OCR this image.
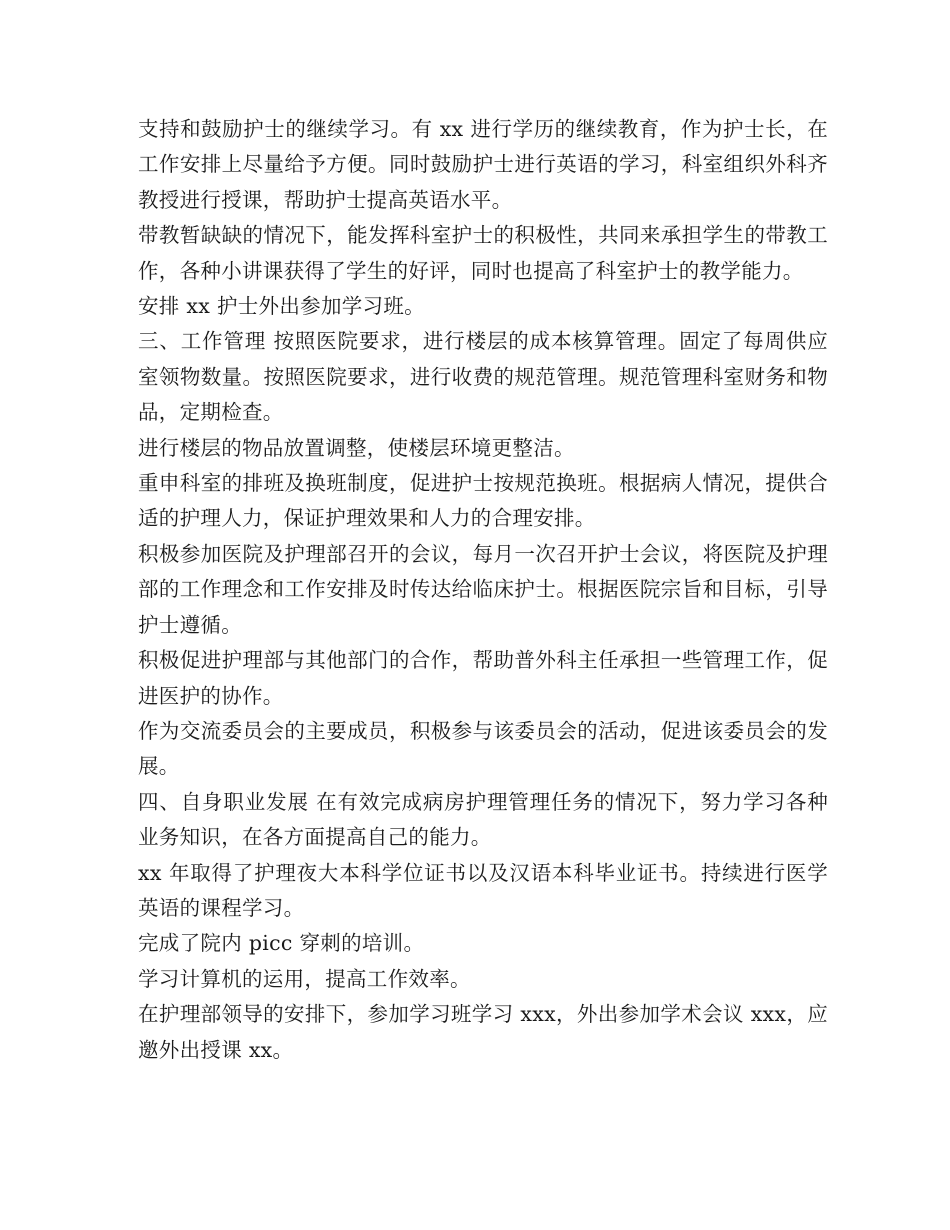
支持和鼓励护士的继续学习。有 xx 进行学历的继续教育，作为护士长，在工作安排上尽量给予方便。同时鼓励护士进行英语的学习，科室组织外科齐教授进行授课，帮助护士提高英语水平。

带教暂缺缺的情况下，能发挥科室护士的积极性，共同来承担学生的带教工作，各种小讲课获得了学生的好评，同时也提高了科室护士的教学能力。

安排 xx 护士外出参加学习班。

三、工作管理 按照医院要求，进行楼层的成本核算管理。固定了每周供应室领物数量。按照医院要求，进行收费的规范管理。规范管理科室财务和物品，定期检查。

进行楼层的物品放置调整，使楼层环境更整洁。

重申科室的排班及换班制度，促进护士按规范换班。根据病人情况，提供合适的护理人力，保证护理效果和人力的合理安排。

积极参加医院及护理部召开的会议，每月一次召开护士会议，将医院及护理部的工作理念和工作安排及时传达给临床护士。根据医院宗旨和目标，引导护士遵循。

积极促进护理部与其他部门的合作，帮助普外科主任承担一些管理工作，促进医护的协作。

作为交流委员会的主要成员，积极参与该委员会的活动，促进该委员会的发展。

四、自身职业发展 在有效完成病房护理管理任务的情况下，努力学习各种业务知识，在各方面提高自己的能力。

xx 年取得了护理夜大本科学位证书以及汉语本科毕业证书。持续进行医学英语的课程学习。

完成了院内 picc 穿刺的培训。

学习计算机的运用，提高工作效率。

在护理部领导的安排下，参加学习班学习 xxx，外出参加学术会议 xxx，应邀外出授课 xx。
